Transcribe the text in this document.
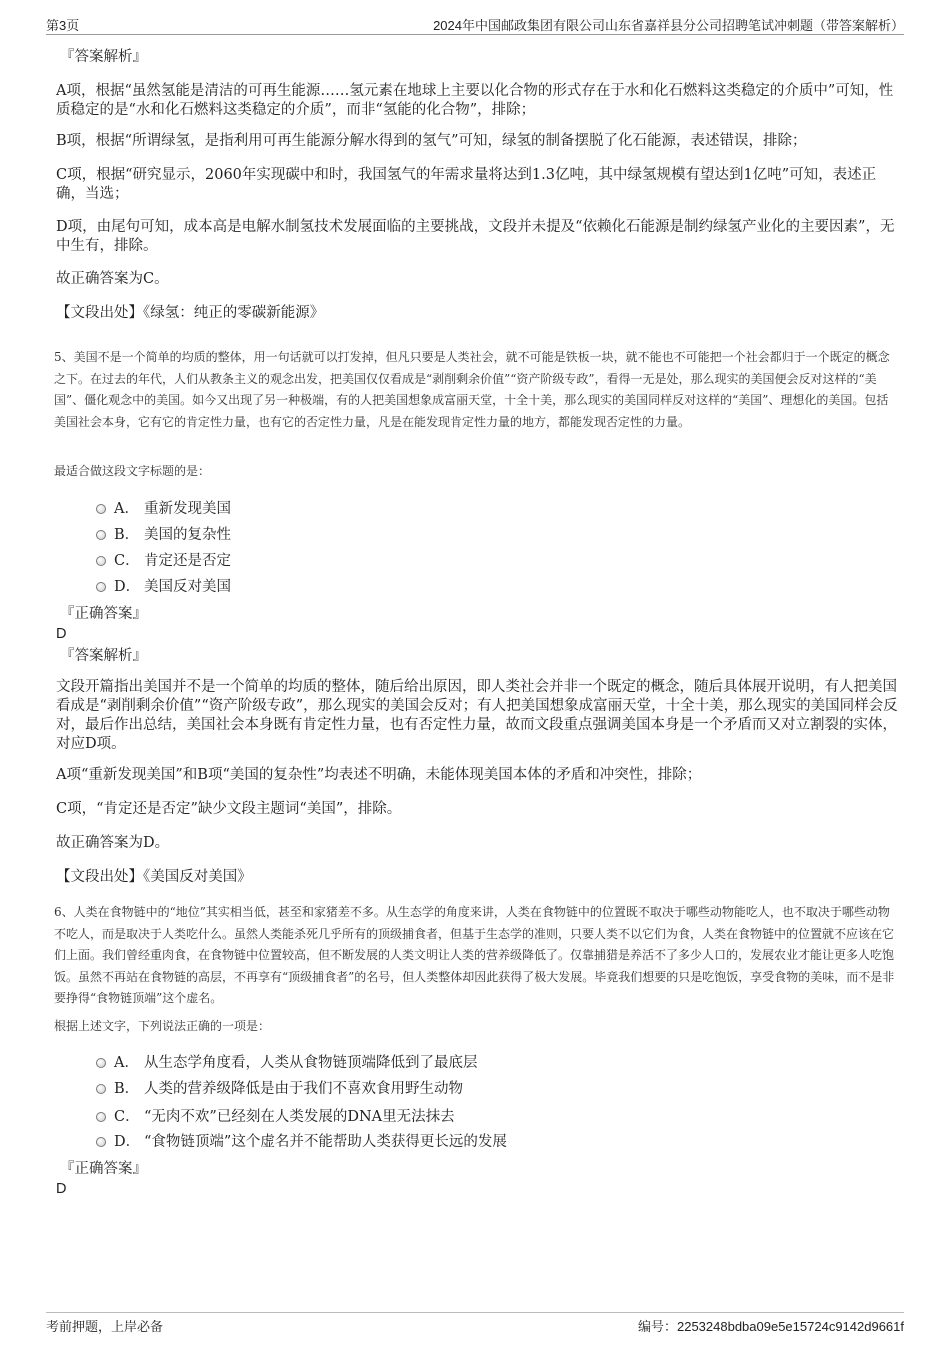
第3页	2024年中国邮政集团有限公司山东省嘉祥县分公司招聘笔试冲刺题（带答案解析）
『答案解析』

A项，根据“虽然氢能是清洁的可再生能源……氢元素在地球上主要以化合物的形式存在于水和化石燃料这类稳定的介质中”可知，性质稳定的是“水和化石燃料这类稳定的介质”，而非“氢能的化合物”，排除；

B项，根据“所谓绿氢，是指利用可再生能源分解水得到的氢气”可知，绿氢的制备摆脱了化石能源，表述错误，排除；

C项，根据“研究显示，2060年实现碳中和时，我国氢气的年需求量将达到1.3亿吨，其中绿氢规模有望达到1亿吨”可知，表述正确，当选；

D项，由尾句可知，成本高是电解水制氢技术发展面临的主要挑战，文段并未提及“依赖化石能源是制约绿氢产业化的主要因素”，无中生有，排除。

故正确答案为C。

【文段出处】《绿氢：纯正的零碳新能源》

5、美国不是一个简单的均质的整体，用一句话就可以打发掉，但凡只要是人类社会，就不可能是铁板一块，就不能也不可能把一个社会都归于一个既定的概念之下。在过去的年代，人们从教条主义的观念出发，把美国仅仅看成是“剥削剩余价值”“资产阶级专政”，看得一无是处，那么现实的美国便会反对这样的“美国”、僵化观念中的美国。如今又出现了另一种极端，有的人把美国想象成富丽天堂，十全十美，那么现实的美国同样反对这样的“美国”、理想化的美国。包括美国社会本身，它有它的肯定性力量，也有它的否定性力量，凡是在能发现肯定性力量的地方，都能发现否定性的力量。

最适合做这段文字标题的是：

A． 重新发现美国
B． 美国的复杂性
C． 肯定还是否定
D． 美国反对美国
『正确答案』
D
『答案解析』

文段开篇指出美国并不是一个简单的均质的整体，随后给出原因，即人类社会并非一个既定的概念，随后具体展开说明，有人把美国看成是“剥削剩余价值”“资产阶级专政”，那么现实的美国会反对；有人把美国想象成富丽天堂，十全十美，那么现实的美国同样会反对，最后作出总结，美国社会本身既有肯定性力量，也有否定性力量，故而文段重点强调美国本身是一个矛盾而又对立割裂的实体，对应D项。

A项“重新发现美国”和B项“美国的复杂性”均表述不明确，未能体现美国本体的矛盾和冲突性，排除；

C项，“肯定还是否定”缺少文段主题词“美国”，排除。

故正确答案为D。

【文段出处】《美国反对美国》

6、人类在食物链中的“地位”其实相当低，甚至和家猪差不多。从生态学的角度来讲，人类在食物链中的位置既不取决于哪些动物能吃人，也不取决于哪些动物不吃人，而是取决于人类吃什么。虽然人类能杀死几乎所有的顶级捕食者，但基于生态学的准则，只要人类不以它们为食，人类在食物链中的位置就不应该在它们上面。我们曾经重肉食，在食物链中位置较高，但不断发展的人类文明让人类的营养级降低了。仅靠捕猎是养活不了多少人口的，发展农业才能让更多人吃饱饭。虽然不再站在食物链的高层，不再享有“顶级捕食者”的名号，但人类整体却因此获得了极大发展。毕竟我们想要的只是吃饱饭，享受食物的美味，而不是非要挣得“食物链顶端”这个虚名。

根据上述文字，下列说法正确的一项是：

A． 从生态学角度看，人类从食物链顶端降低到了最底层
B． 人类的营养级降低是由于我们不喜欢食用野生动物
C． “无肉不欢”已经刻在人类发展的DNA里无法抹去
D． “食物链顶端”这个虚名并不能帮助人类获得更长远的发展
『正确答案』
D
考前押题，上岸必备	编号：2253248bdba09e5e15724c9142d9661f
